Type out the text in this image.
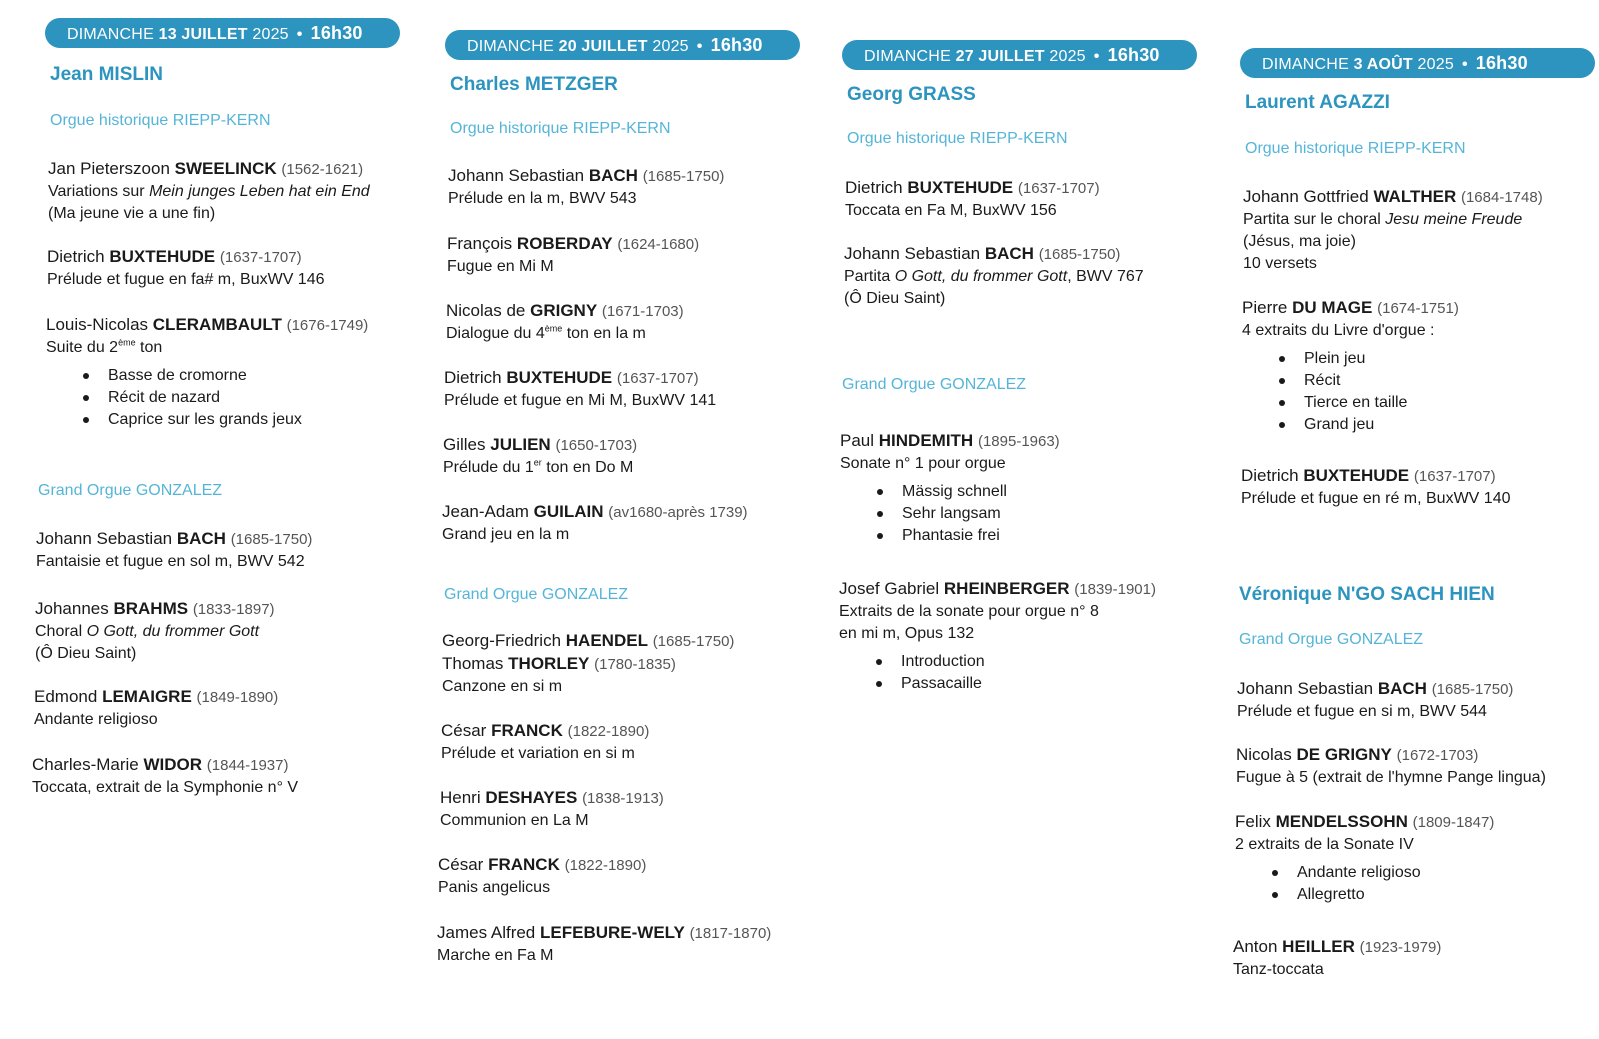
DIMANCHE 13 JUILLET 2025 • 16h30
Jean MISLIN
Orgue historique RIEPP-KERN
Jan Pieterszoon SWEELINCK (1562-1621)
Variations sur Mein junges Leben hat ein End
(Ma jeune vie a une fin)
Dietrich BUXTEHUDE (1637-1707)
Prélude et fugue en fa# m, BuxWV 146
Louis-Nicolas CLERAMBAULT (1676-1749)
Suite du 2ème ton
Basse de cromorne
Récit de nazard
Caprice sur les grands jeux
Grand Orgue GONZALEZ
Johann Sebastian BACH (1685-1750)
Fantaisie et fugue en sol m, BWV 542
Johannes BRAHMS (1833-1897)
Choral O Gott, du frommer Gott
(Ô Dieu Saint)
Edmond LEMAIGRE (1849-1890)
Andante religioso
Charles-Marie WIDOR (1844-1937)
Toccata, extrait de la Symphonie n° V
DIMANCHE 20 JUILLET 2025 • 16h30
Charles METZGER
Orgue historique RIEPP-KERN
Johann Sebastian BACH (1685-1750)
Prélude en la m, BWV 543
François ROBERDAY (1624-1680)
Fugue en Mi M
Nicolas de GRIGNY (1671-1703)
Dialogue du 4ème ton en la m
Dietrich BUXTEHUDE (1637-1707)
Prélude et fugue en Mi M, BuxWV 141
Gilles JULIEN (1650-1703)
Prélude du 1er ton en Do M
Jean-Adam GUILAIN (av1680-après 1739)
Grand jeu en la m
Grand Orgue GONZALEZ
Georg-Friedrich HAENDEL (1685-1750)
Thomas THORLEY (1780-1835)
Canzone en si m
César FRANCK (1822-1890)
Prélude et variation en si m
Henri DESHAYES (1838-1913)
Communion en La M
César FRANCK (1822-1890)
Panis angelicus
James Alfred LEFEBURE-WELY (1817-1870)
Marche en Fa M
DIMANCHE 27 JUILLET 2025 • 16h30
Georg GRASS
Orgue historique RIEPP-KERN
Dietrich BUXTEHUDE (1637-1707)
Toccata en Fa M, BuxWV 156
Johann Sebastian BACH (1685-1750)
Partita O Gott, du frommer Gott, BWV 767
(Ô Dieu Saint)
Grand Orgue GONZALEZ
Paul HINDEMITH (1895-1963)
Sonate n° 1 pour orgue
Mässig schnell
Sehr langsam
Phantasie frei
Josef Gabriel RHEINBERGER (1839-1901)
Extraits de la sonate pour orgue n° 8
en mi m, Opus 132
Introduction
Passacaille
DIMANCHE 3 AOÛT 2025 • 16h30
Laurent AGAZZI
Orgue historique RIEPP-KERN
Johann Gottfried WALTHER (1684-1748)
Partita sur le choral Jesu meine Freude
(Jésus, ma joie)
10 versets
Pierre DU MAGE (1674-1751)
4 extraits du Livre d'orgue :
Plein jeu
Récit
Tierce en taille
Grand jeu
Dietrich BUXTEHUDE (1637-1707)
Prélude et fugue en ré m, BuxWV 140
Véronique N'GO SACH HIEN
Grand Orgue GONZALEZ
Johann Sebastian BACH (1685-1750)
Prélude et fugue en si m, BWV 544
Nicolas DE GRIGNY (1672-1703)
Fugue à 5 (extrait de l'hymne Pange lingua)
Felix MENDELSSOHN (1809-1847)
2 extraits de la Sonate IV
Andante religioso
Allegretto
Anton HEILLER (1923-1979)
Tanz-toccata
